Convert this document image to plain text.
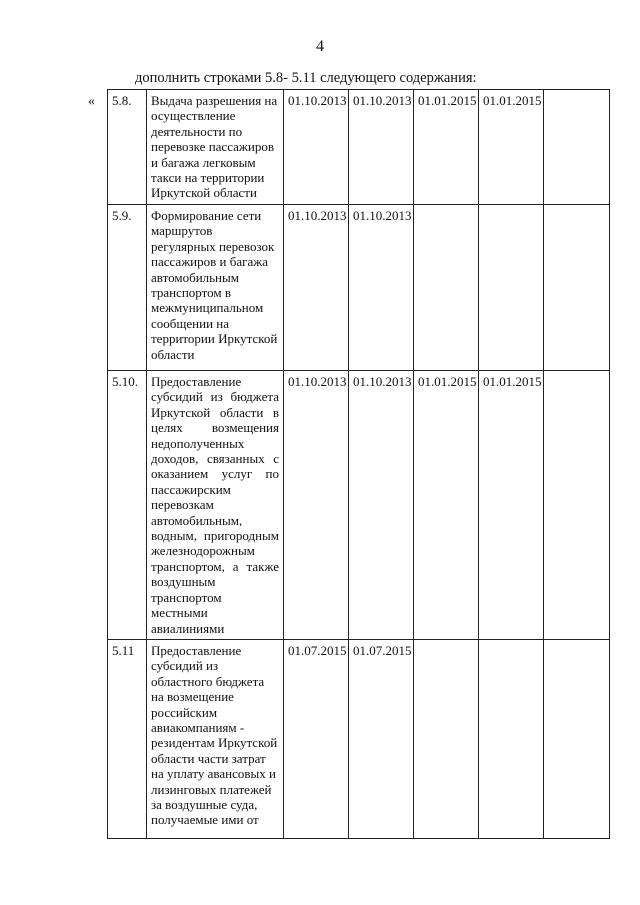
4
дополнить строками 5.8- 5.11 следующего содержания:
« 5.8.	Выдача разрешения на осуществление деятельности по перевозке пассажиров и багажа легковым такси на территории Иркутской области	01.10.2013	01.10.2013	01.01.2015	01.01.2015	
5.9.	Формирование сети маршрутов регулярных перевозок пассажиров и багажа автомобильным транспортом в межмуниципальном сообщении на территории Иркутской области	01.10.2013	01.10.2013			
5.10.	Предоставление субсидий из бюджета Иркутской области в целях возмещения недополученных доходов, связанных с оказанием услуг по пассажирским перевозкам автомобильным, водным, пригородным железнодорожным транспортом, а также воздушным транспортом местными авиалиниями	01.10.2013	01.10.2013	01.01.2015	01.01.2015	
5.11	Предоставление субсидий из областного бюджета на возмещение российским авиакомпаниям - резидентам Иркутской области части затрат на уплату авансовых и лизинговых платежей за воздушные суда, получаемые ими от	01.07.2015	01.07.2015			
